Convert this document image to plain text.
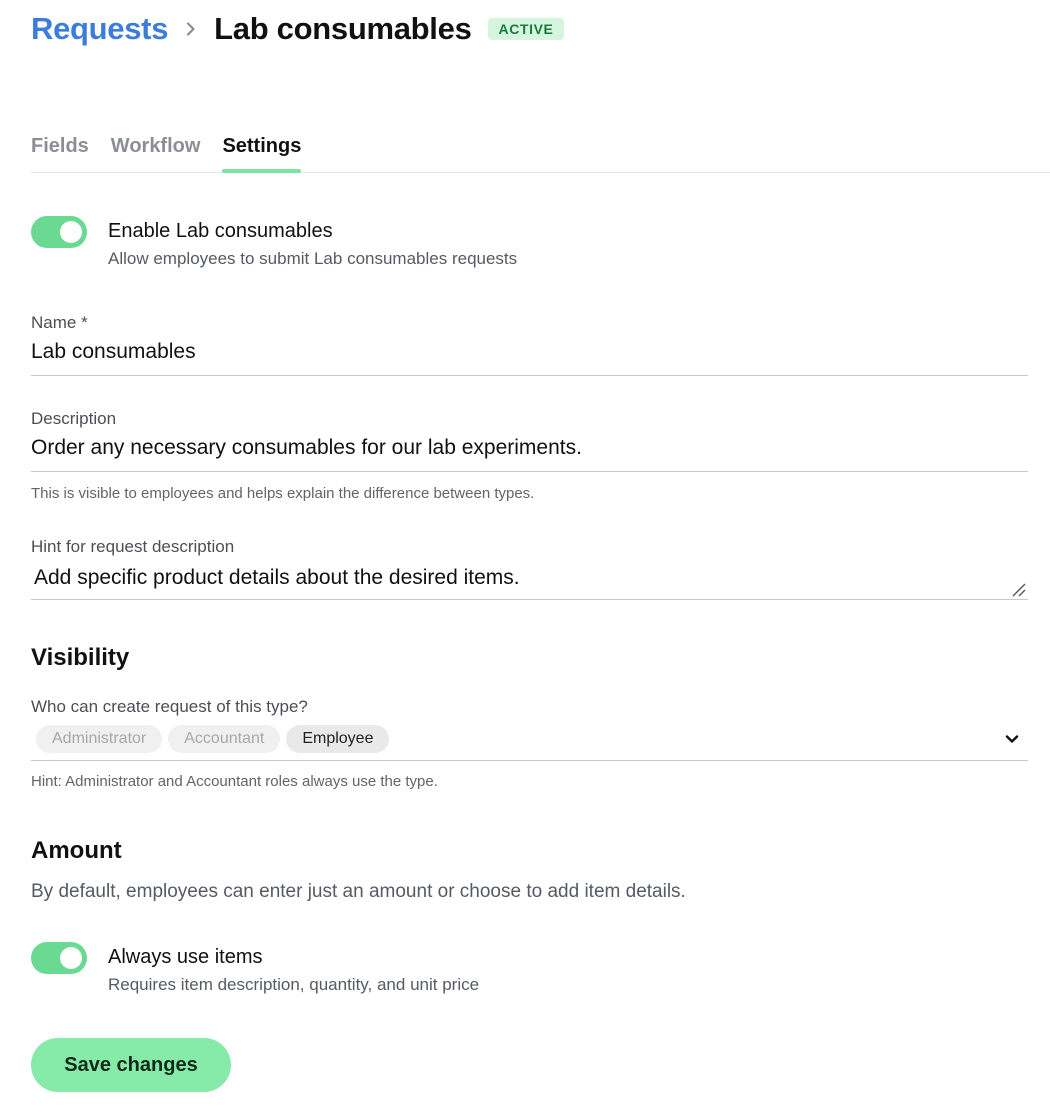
Requests Lab consumables	ACTIVE
Fields Workflow Settings
Enable Lab consumables
Allow employees to submit Lab consumables requests
Name *
Lab consumables
Description
Order any necessary consumables for our lab experiments.
This is visible to employees and helps explain the difference between types.
Hint for request description
Add specific product details about the desired items.
Visibility
Who can create request of this type?
Administrator	Accountant	Employee
Hint: Administrator and Accountant roles always use the type.
Amount
By default, employees can enter just an amount or choose to add item details.
Always use items
Requires item description, quantity, and unit price
Save changes
